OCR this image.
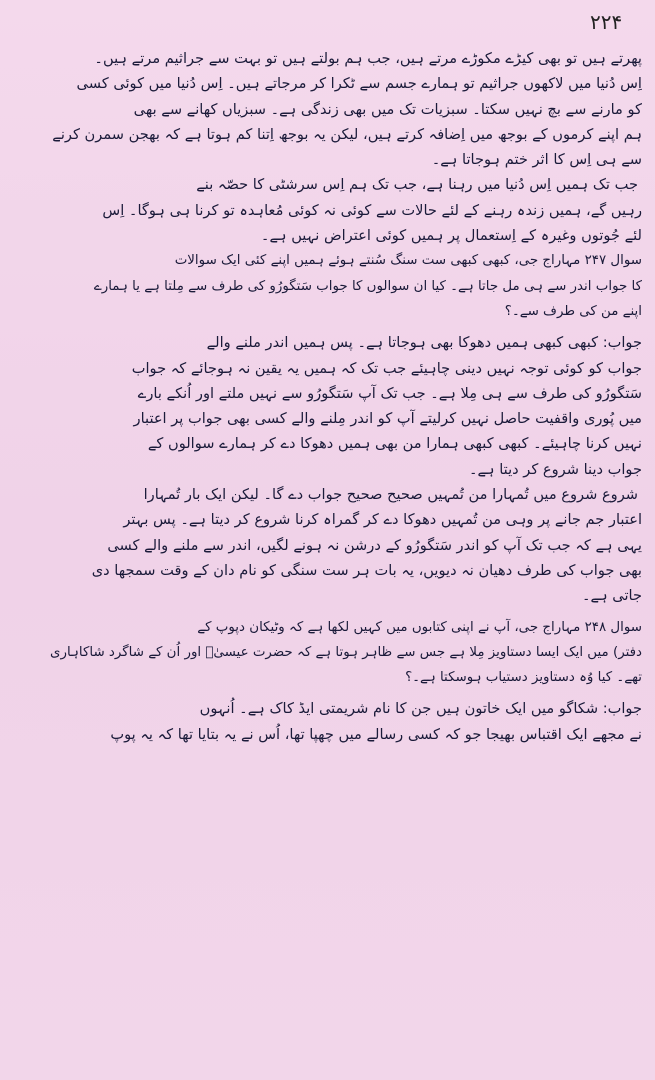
۲۲۴
پھرتے ہیں تو بھی کیڑے مکوڑے مرتے ہیں، جب ہم بولتے ہیں تو بہت سے جراثیم مرتے ہیں۔
اِس دُنیا میں لاکھوں جراثیم تو ہمارے جسم سے ٹکرا کر مرجاتے ہیں۔ اِس دُنیا میں کوئی کسی
کو مارنے سے بچ نہیں سکتا۔ سبزیات تک میں بھی زندگی ہے۔ سبزیاں کھانے سے بھی
ہم اپنے کرموں کے بوجھ میں اِضافہ کرتے ہیں، لیکن یہ بوجھ اِتنا کم ہوتا ہے کہ بھجن سمرن کرنے
سے ہی اِس کا اثر ختم ہوجاتا ہے۔
جب تک ہمیں اِس دُنیا میں رہنا ہے، جب تک ہم اِس سرشٹی کا حصّہ بنے
رہیں گے، ہمیں زندہ رہنے کے لئے حالات سے کوئی نہ کوئی مُعاہدہ تو کرنا ہی ہوگا۔ اِس
لئے جُوتوں وغیرہ کے اِستعمال پر ہمیں کوئی اعتراض نہیں ہے۔
سوال ۲۴۷ مہاراج جی، کبھی کبھی ست سنگ سُنتے ہوئے ہمیں اپنے کئی ایک سوالات
کا جواب اندر سے ہی مل جاتا ہے۔ کیا ان سوالوں کا جواب سَتگورُو کی طرف سے مِلتا ہے یا ہمارے
اپنے من کی طرف سے۔؟
جواب: کبھی کبھی ہمیں دھوکا بھی ہوجاتا ہے۔ پس ہمیں اندر ملنے والے
جواب کو کوئی توجہ نہیں دینی چاہیئے جب تک کہ ہمیں یہ یقین نہ ہوجائے کہ جواب
سَتگورُو کی طرف سے ہی مِلا ہے۔ جب تک آپ سَتگورُو سے نہیں ملتے اور اُنکے بارے
میں پُوری واقفیت حاصل نہیں کرلیتے آپ کو اندر مِلنے والے کسی بھی جواب پر اعتبار
نہیں کرنا چاہیئے۔ کبھی کبھی ہمارا من بھی ہمیں دھوکا دے کر ہمارے سوالوں کے
جواب دینا شروع کر دیتا ہے۔
شروع شروع میں تُمہارا من تُمہیں صحیح صحیح جواب دے گا۔ لیکن ایک بار تُمہارا
اعتبار جم جانے پر وہی من تُمہیں دھوکا دے کر گمراہ کرنا شروع کر دیتا ہے۔ پس بہتر
یہی ہے کہ جب تک آپ کو اندر سَتگورُو کے درشن نہ ہونے لگیں، اندر سے ملنے والے کسی
بھی جواب کی طرف دھیان نہ دیویں، یہ بات ہر ست سنگی کو نام دان کے وقت سمجھا دی
جاتی ہے۔
سوال ۲۴۸ مہاراج جی، آپ نے اپنی کتابوں میں کہیں لکھا ہے کہ وٹیکان دپوپ کے
دفتر) میں ایک ایسا دستاویز مِلا ہے جس سے ظاہر ہوتا ہے کہ حضرت عیسیٰؑ اور اُن کے شاگرد شاکاہاری
تھے۔ کیا وُہ دستاویز دستیاب ہوسکتا ہے۔؟
جواب: شکاگو میں ایک خاتون ہیں جن کا نام شریمتی ایڈ کاک ہے۔ اُنہوں
نے مجھے ایک اقتباس بھیجا جو کہ کسی رسالے میں چھپا تھا، اُس نے یہ بتایا تھا کہ یہ پوپ
